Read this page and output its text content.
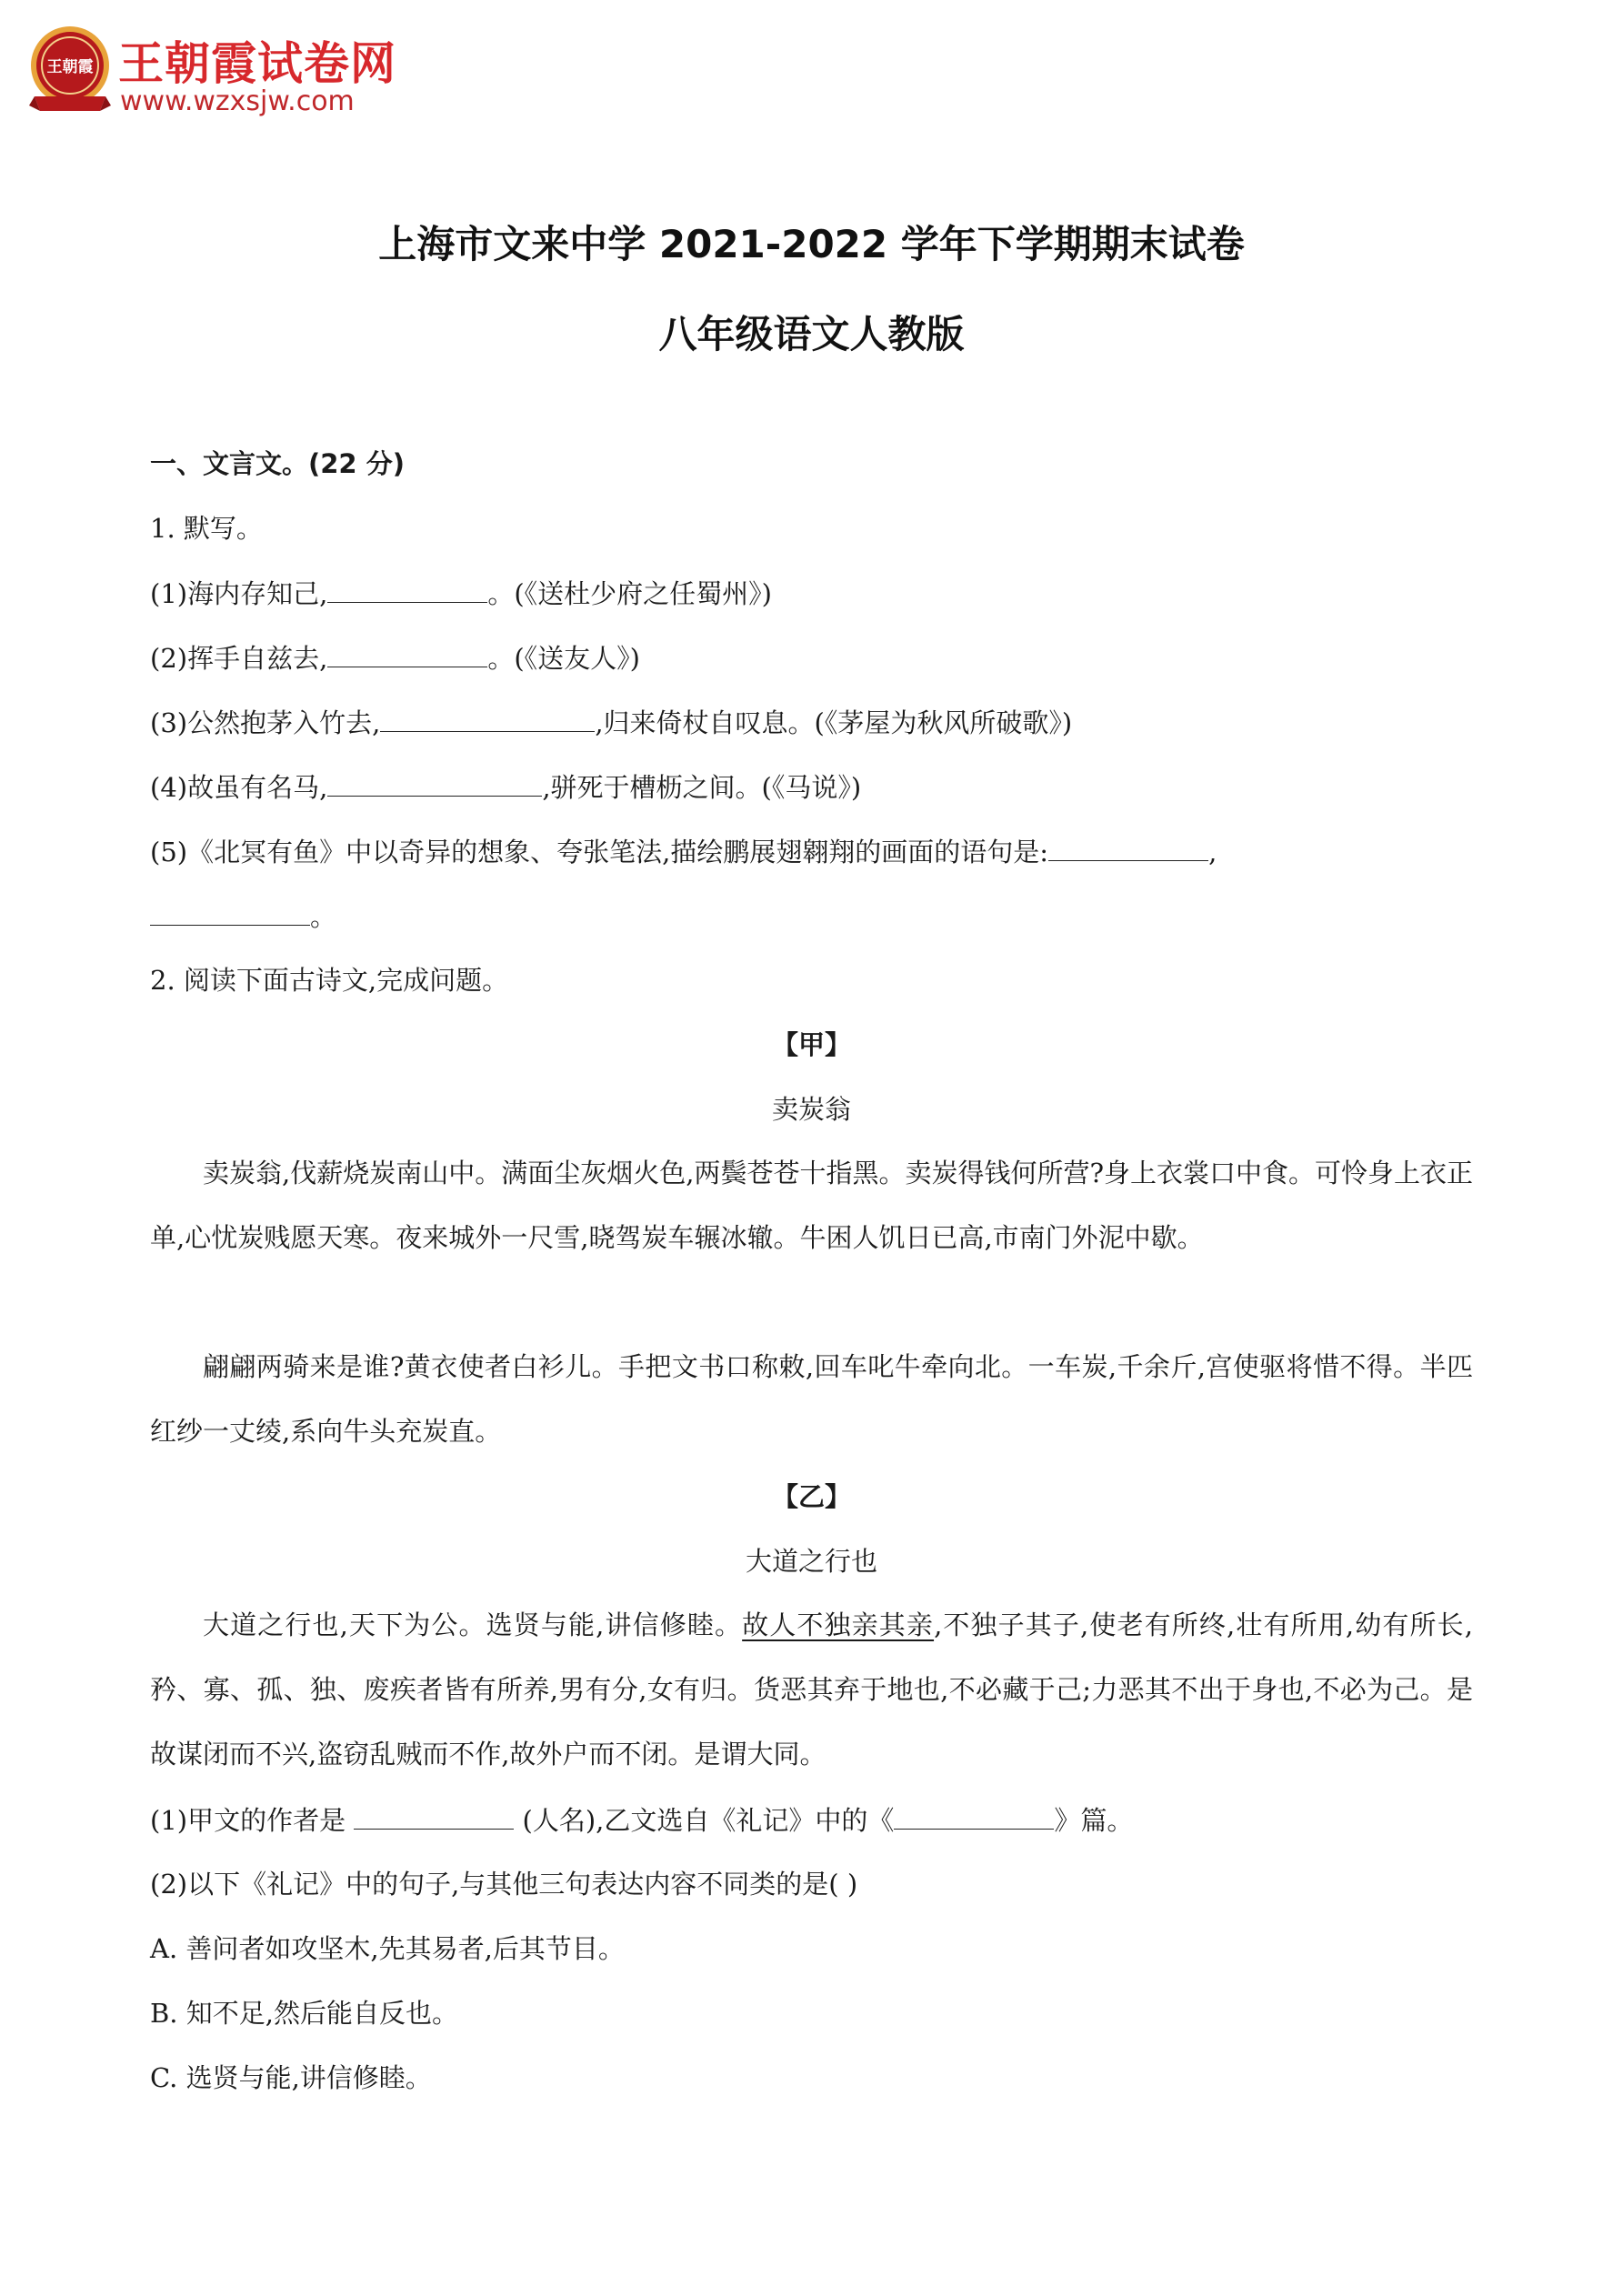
王朝霞 王朝霞试卷网
www.wzxsjw.com
上海市文来中学 2021-2022 学年下学期期末试卷
八年级语文人教版
一、文言文。(22 分)
1. 默写。
(1)海内存知己,	。(《送杜少府之任蜀州》)
(2)挥手自兹去,	。(《送友人》)
(3)公然抱茅入竹去,	,归来倚杖自叹息。(《茅屋为秋风所破歌》)
(4)故虽有名马,	,骈死于槽枥之间。(《马说》)
(5)《北冥有鱼》中以奇异的想象、夸张笔法,描绘鹏展翅翱翔的画面的语句是:	,
。
2. 阅读下面古诗文,完成问题。
【甲】
卖炭翁
卖炭翁,伐薪烧炭南山中。满面尘灰烟火色,两鬓苍苍十指黑。卖炭得钱何所营?身上衣裳口中食。可怜身上衣正单,心忧炭贱愿天寒。夜来城外一尺雪,晓驾炭车辗冰辙。牛困人饥日已高,市南门外泥中歇。
翩翩两骑来是谁?黄衣使者白衫儿。手把文书口称敕,回车叱牛牵向北。一车炭,千余斤,宫使驱将惜不得。半匹红纱一丈绫,系向牛头充炭直。
【乙】
大道之行也
大道之行也,天下为公。选贤与能,讲信修睦。故人不独亲其亲,不独子其子,使老有所终,壮有所用,幼有所长,矜、寡、孤、独、废疾者皆有所养,男有分,女有归。货恶其弃于地也,不必藏于己;力恶其不出于身也,不必为己。是故谋闭而不兴,盗窃乱贼而不作,故外户而不闭。是谓大同。
(1)甲文的作者是	(人名),乙文选自《礼记》中的《	》篇。
(2)以下《礼记》中的句子,与其他三句表达内容不同类的是( )
A. 善问者如攻坚木,先其易者,后其节目。
B. 知不足,然后能自反也。
C. 选贤与能,讲信修睦。
